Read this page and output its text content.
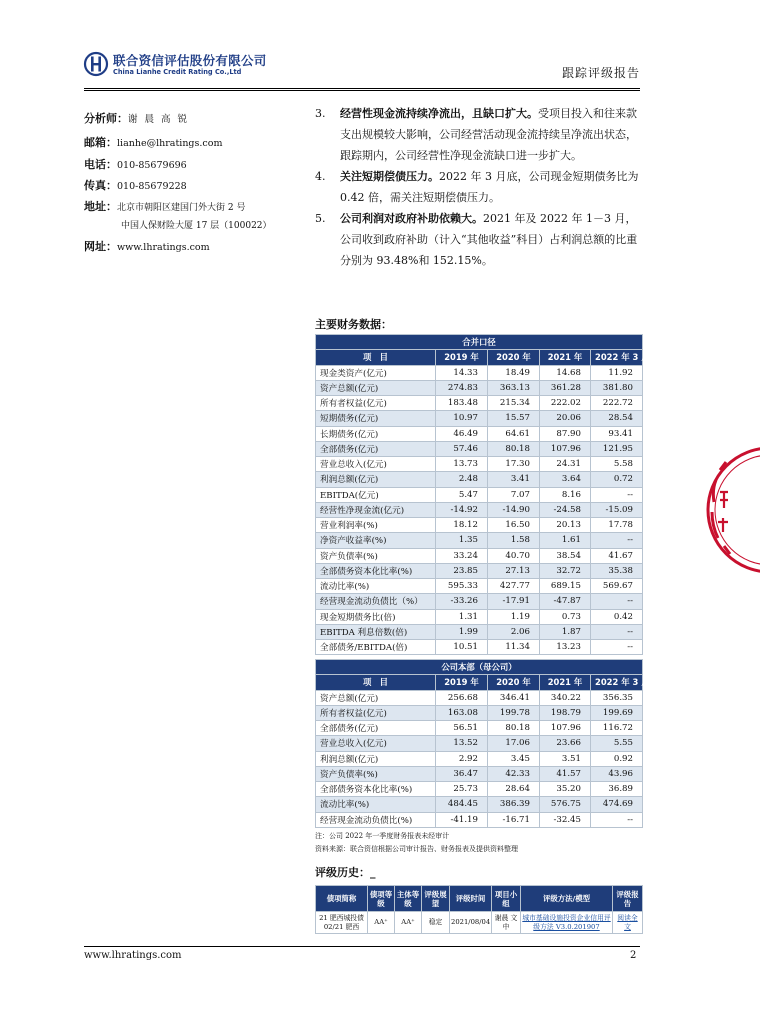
联合资信评估股份有限公司
China Lianhe Credit Rating Co.,Ltd	跟踪评级报告
分析师：谢 晨 高 锐
邮箱：lianhe@lhratings.com
电话：010-85679696
传真：010-85679228
地址：北京市朝阳区建国门外大街 2 号
中国人保财险大厦 17 层（100022）
网址：www.lhratings.com
3. 经营性现金流持续净流出，且缺口扩大。受项目投入和往来款支出规模较大影响，公司经营活动现金流持续呈净流出状态，跟踪期内，公司经营性净现金流缺口进一步扩大。
4. 关注短期偿债压力。2022 年 3 月底，公司现金短期债务比为 0.42 倍，需关注短期偿债压力。
5. 公司利润对政府补助依赖大。2021 年及 2022 年 1－3 月，公司收到政府补助（计入“其他收益”科目）占利润总额的比重分别为 93.48%和 152.15%。
主要财务数据：
合并口径				
项　目	2019 年	2020 年	2021 年	2022 年 3 月
现金类资产(亿元)	14.33	18.49	14.68	11.92
资产总额(亿元)	274.83	363.13	361.28	381.80
所有者权益(亿元)	183.48	215.34	222.02	222.72
短期债务(亿元)	10.97	15.57	20.06	28.54
长期债务(亿元)	46.49	64.61	87.90	93.41
全部债务(亿元)	57.46	80.18	107.96	121.95
营业总收入(亿元)	13.73	17.30	24.31	5.58
利润总额(亿元)	2.48	3.41	3.64	0.72
EBITDA(亿元)	5.47	7.07	8.16	--
经营性净现金流(亿元)	-14.92	-14.90	-24.58	-15.09
营业利润率(%)	18.12	16.50	20.13	17.78
净资产收益率(%)	1.35	1.58	1.61	--
资产负债率(%)	33.24	40.70	38.54	41.67
全部债务资本化比率(%)	23.85	27.13	32.72	35.38
流动比率(%)	595.33	427.77	689.15	569.67
经营现金流动负债比（%）	-33.26	-17.91	-47.87	--
现金短期债务比(倍)	1.31	1.19	0.73	0.42
EBITDA 利息倍数(倍)	1.99	2.06	1.87	--
全部债务/EBITDA(倍)	10.51	11.34	13.23	--
公司本部（母公司）				
项　目	2019 年	2020 年	2021 年	2022 年 3 月
资产总额(亿元)	256.68	346.41	340.22	356.35
所有者权益(亿元)	163.08	199.78	198.79	199.69
全部债务(亿元)	56.51	80.18	107.96	116.72
营业总收入(亿元)	13.52	17.06	23.66	5.55
利润总额(亿元)	2.92	3.45	3.51	0.92
资产负债率(%)	36.47	42.33	41.57	43.96
全部债务资本化比率(%)	25.73	28.64	35.20	36.89
流动比率(%)	484.45	386.39	576.75	474.69
经营现金流动负债比(%)	-41.19	-16.71	-32.45	--
注：公司 2022 年一季度财务报表未经审计
资料来源：联合资信根据公司审计报告、财务报表及提供资料整理
评级历史：_
债项简称	债项等级	主体等级	评级展望	评级时间	项目小组	评级方法/模型	评级报告
21 肥西城投债 02/21 肥西	AA⁺	AA⁺	稳定	2021/08/04	谢晨 文中	城市基础设施投资企业信用评级方法 V3.0.201907	阅读全文
www.lhratings.com	2
